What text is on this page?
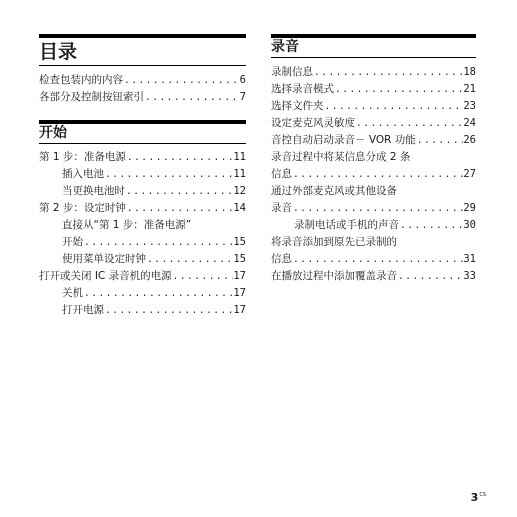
目录
检查包装内的内容 .....	6
各部分及控制按钮索引 .....	7
开始
第 1 步：准备电源 .....	11
插入电池 .....	11
当更换电池时 .....	12
第 2 步：设定时钟 .....	14
直接从“第 1 步：准备电源”
开始 .....	15
使用菜单设定时钟 .....	15
打开或关闭 IC 录音机的电源 .....	17
关机 .....	17
打开电源 .....	17
录音
录制信息 .....	18
选择录音模式 .....	21
选择文件夹 .....	23
设定麦克风灵敏度 .....	24
音控自动启动录音－ VOR 功能 .....	26
录音过程中将某信息分成 2 条
信息 .....	27
通过外部麦克风或其他设备
录音 .....	29
录制电话或手机的声音 .....	30
将录音添加到原先已录制的
信息 .....	31
在播放过程中添加覆盖录音 .....	33
$3^{CS}$
